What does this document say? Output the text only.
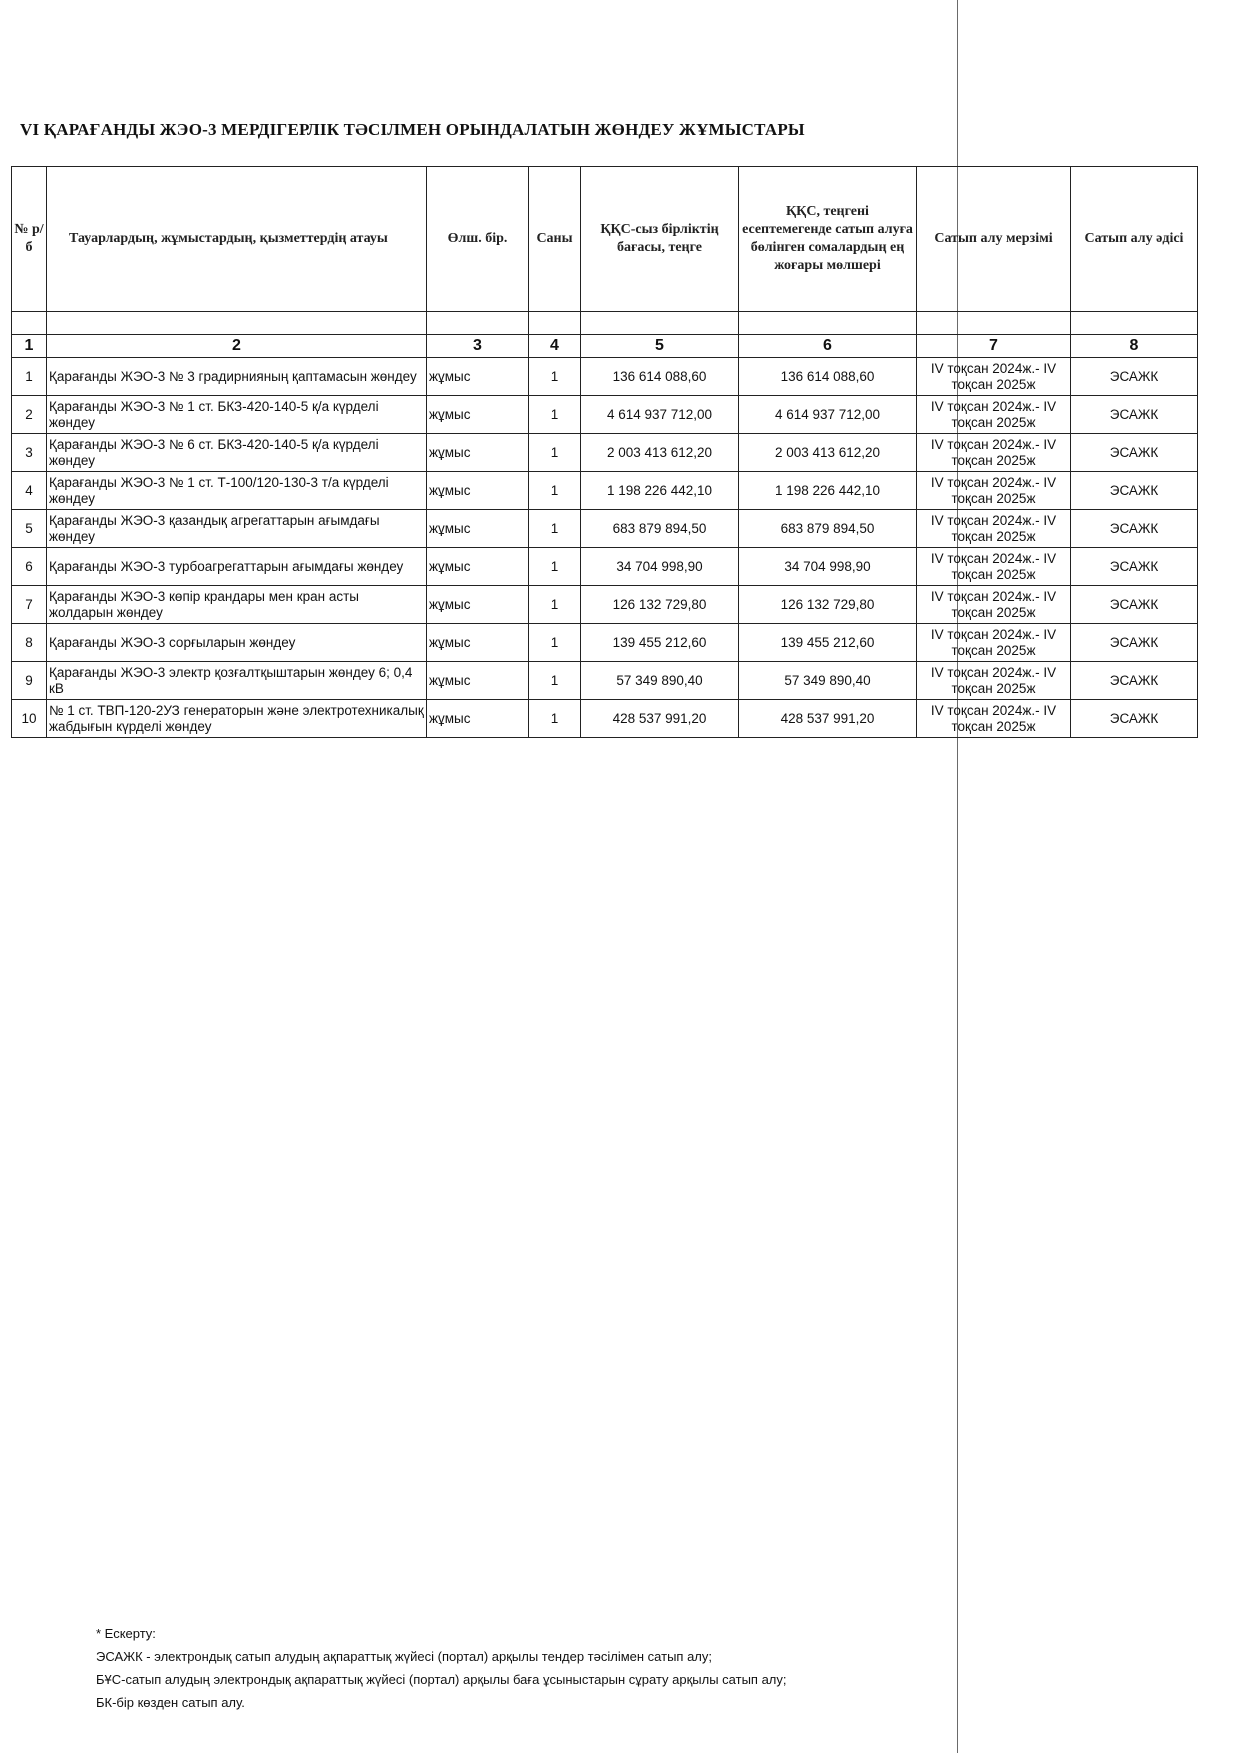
VI ҚАРАҒАНДЫ ЖЭО-3 МЕРДІГЕРЛІК ТӘСІЛМЕН ОРЫНДАЛАТЫН ЖӨНДЕУ ЖҰМЫСТАРЫ
№ р/б	Тауарлардың, жұмыстардың, қызметтердің атауы	Өлш. бір.	Саны	ҚҚС-сыз бірліктің бағасы, теңге	ҚҚС, теңгені есептемегенде сатып алуға бөлінген сомалардың ең жоғары мөлшері	Сатып алу мерзімі	Сатып алу әдісі

1	2	3	4	5	6	7	8
1	Қарағанды ЖЭО-3 № 3 градирнияның қаптамасын жөндеу	жұмыс	1	136 614 088,60	136 614 088,60	IV тоқсан 2024ж.- IV тоқсан 2025ж	ЭСАЖК
2	Қарағанды ЖЭО-3 № 1 ст. БКЗ-420-140-5 қ/а күрделі жөндеу	жұмыс	1	4 614 937 712,00	4 614 937 712,00	IV тоқсан 2024ж.- IV тоқсан 2025ж	ЭСАЖК
3	Қарағанды ЖЭО-3 № 6 ст. БКЗ-420-140-5 қ/а күрделі жөндеу	жұмыс	1	2 003 413 612,20	2 003 413 612,20	IV тоқсан 2024ж.- IV тоқсан 2025ж	ЭСАЖК
4	Қарағанды ЖЭО-3 № 1 ст. Т-100/120-130-3 т/а күрделі жөндеу	жұмыс	1	1 198 226 442,10	1 198 226 442,10	IV тоқсан 2024ж.- IV тоқсан 2025ж	ЭСАЖК
5	Қарағанды ЖЭО-3 қазандық агрегаттарын ағымдағы жөндеу	жұмыс	1	683 879 894,50	683 879 894,50	IV тоқсан 2024ж.- IV тоқсан 2025ж	ЭСАЖК
6	Қарағанды ЖЭО-3 турбоагрегаттарын ағымдағы жөндеу	жұмыс	1	34 704 998,90	34 704 998,90	IV тоқсан 2024ж.- IV тоқсан 2025ж	ЭСАЖК
7	Қарағанды ЖЭО-3 көпір крандары мен кран асты жолдарын жөндеу	жұмыс	1	126 132 729,80	126 132 729,80	IV тоқсан 2024ж.- IV тоқсан 2025ж	ЭСАЖК
8	Қарағанды ЖЭО-3 сорғыларын жөндеу	жұмыс	1	139 455 212,60	139 455 212,60	IV тоқсан 2024ж.- IV тоқсан 2025ж	ЭСАЖК
9	Қарағанды ЖЭО-3 электр қозғалтқыштарын жөндеу 6; 0,4 кВ	жұмыс	1	57 349 890,40	57 349 890,40	IV тоқсан 2024ж.- IV тоқсан 2025ж	ЭСАЖК
10	№ 1 ст. ТВП-120-2УЗ генераторын және электротехникалық жабдығын күрделі жөндеу	жұмыс	1	428 537 991,20	428 537 991,20	IV тоқсан 2024ж.- IV тоқсан 2025ж	ЭСАЖК
* Ескерту:
ЭСАЖК - электрондық сатып алудың ақпараттық жүйесі (портал) арқылы тендер тәсілімен сатып алу;
БҰС-сатып алудың электрондық ақпараттық жүйесі (портал) арқылы баға ұсыныстарын сұрату арқылы сатып алу;
БК-бір көзден сатып алу.
